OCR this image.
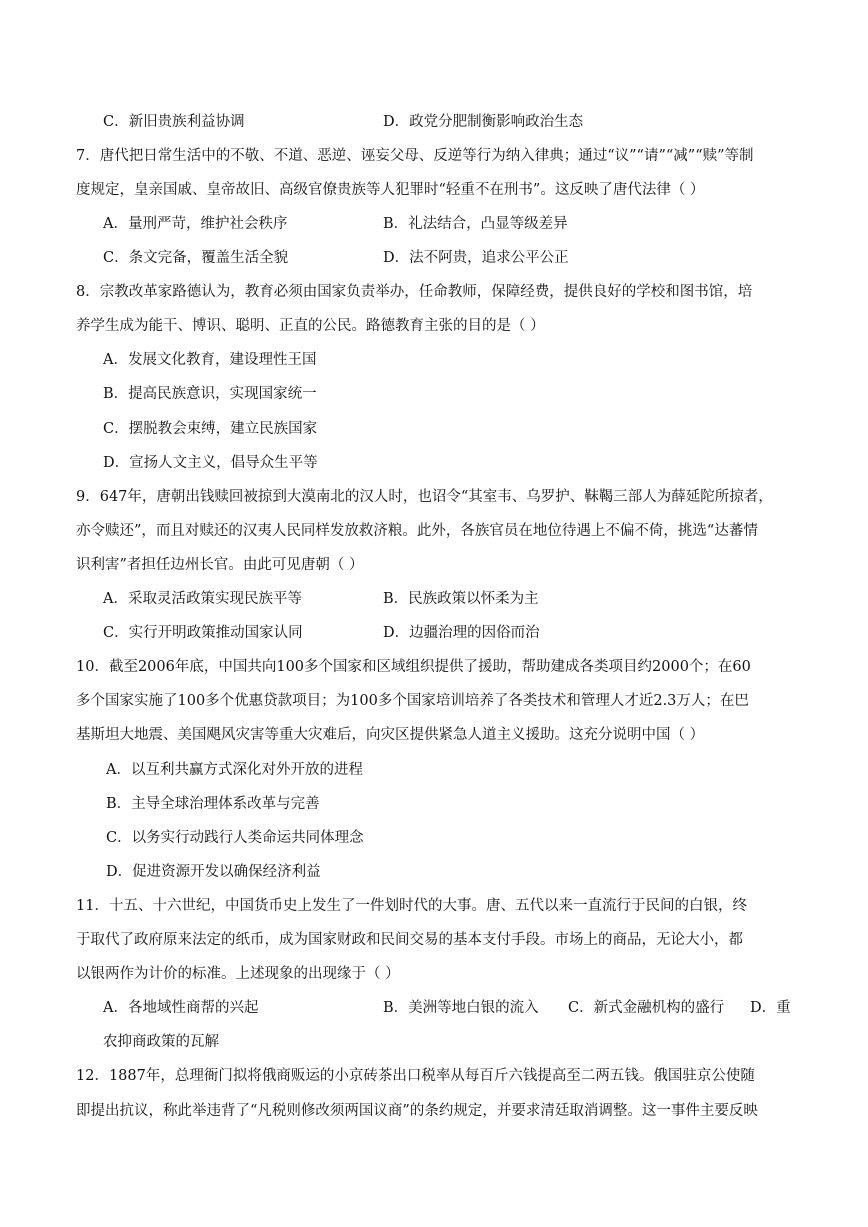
C．新旧贵族利益协调	D．政党分肥制衡影响政治生态
7．唐代把日常生活中的不敬、不道、恶逆、诬妄父母、反逆等行为纳入律典；通过“议”“请”“减”“赎”等制
度规定，皇亲国戚、皇帝故旧、高级官僚贵族等人犯罪时“轻重不在刑书”。这反映了唐代法律（ ）
A．量刑严苛，维护社会秩序	B．礼法结合，凸显等级差异
C．条文完备，覆盖生活全貌	D．法不阿贵，追求公平公正
8．宗教改革家路德认为，教育必须由国家负责举办，任命教师，保障经费，提供良好的学校和图书馆，培
养学生成为能干、博识、聪明、正直的公民。路德教育主张的目的是（ ）
A．发展文化教育，建设理性王国
B．提高民族意识，实现国家统一
C．摆脱教会束缚，建立民族国家
D．宣扬人文主义，倡导众生平等
9．647年，唐朝出钱赎回被掠到大漠南北的汉人时，也诏令“其室韦、乌罗护、靺鞨三部人为薛延陀所掠者，
亦令赎还”，而且对赎还的汉夷人民同样发放救济粮。此外，各族官员在地位待遇上不偏不倚，挑选“达蕃情
识利害”者担任边州长官。由此可见唐朝（ ）
A．采取灵活政策实现民族平等	B．民族政策以怀柔为主
C．实行开明政策推动国家认同	D．边疆治理的因俗而治
10．截至2006年底，中国共向100多个国家和区域组织提供了援助，帮助建成各类项目约2000个；在60
多个国家实施了100多个优惠贷款项目；为100多个国家培训培养了各类技术和管理人才近2.3万人；在巴
基斯坦大地震、美国飓风灾害等重大灾难后，向灾区提供紧急人道主义援助。这充分说明中国（ ）
A．以互利共赢方式深化对外开放的进程
B．主导全球治理体系改革与完善
C．以务实行动践行人类命运共同体理念
D．促进资源开发以确保经济利益
11．十五、十六世纪，中国货币史上发生了一件划时代的大事。唐、五代以来一直流行于民间的白银，终
于取代了政府原来法定的纸币，成为国家财政和民间交易的基本支付手段。市场上的商品，无论大小，都
以银两作为计价的标准。上述现象的出现缘于（ ）
A．各地域性商帮的兴起	B．美洲等地白银的流入 C．新式金融机构的盛行 D．重
农抑商政策的瓦解
12．1887年，总理衙门拟将俄商贩运的小京砖茶出口税率从每百斤六钱提高至二两五钱。俄国驻京公使随
即提出抗议，称此举违背了“凡税则修改须两国议商”的条约规定，并要求清廷取消调整。这一事件主要反映
